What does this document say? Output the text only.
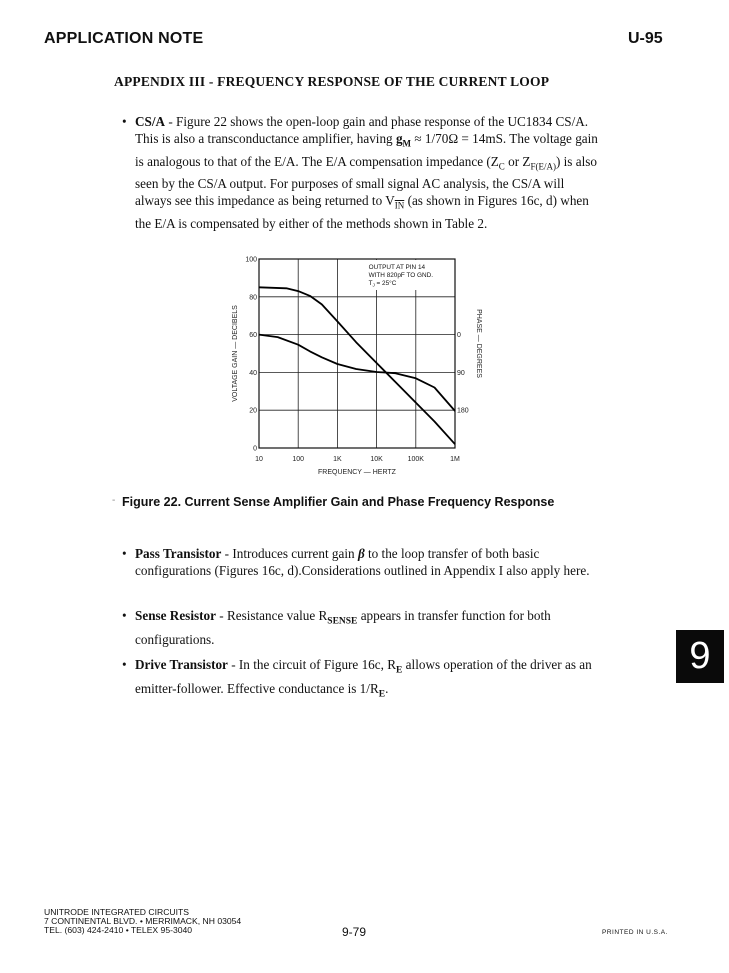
APPLICATION NOTE	U-95
APPENDIX III - FREQUENCY RESPONSE OF THE CURRENT LOOP
• CS/A - Figure 22 shows the open-loop gain and phase response of the UC1834 CS/A. This is also a transconductance amplifier, having $g_M \approx 1/70\Omega = 14mS$. The voltage gain is analogous to that of the E/A. The E/A compensation impedance ($Z_C$ or $Z_{F(E/A)}$) is also seen by the CS/A output. For purposes of small signal AC analysis, the CS/A will always see this impedance as being returned to $V_{\overline{IN}}$ (as shown in Figures 16c, d) when the E/A is compensated by either of the methods shown in Table 2.
10	100	1K	10K	100K	1M
0
20
40
60
80
100
0
90
180
FREQUENCY — HERTZ
VOLTAGE GAIN — DECIBELS	PHASE — DEGREES
OUTPUT AT PIN 14
WITH 820pF TO GND.
$T_J = 25^\circ C$
- Figure 22. Current Sense Amplifier Gain and Phase Frequency Response
• Pass Transistor - Introduces current gain β to the loop transfer of both basic configurations (Figures 16c, d).Considerations outlined in Appendix I also apply here.
• Sense Resistor - Resistance value $R_{SENSE}$ appears in transfer function for both configurations.
• Drive Transistor - In the circuit of Figure 16c, $R_E$ allows operation of the driver as an emitter-follower. Effective conductance is $1/R_E$.
9
UNITRODE INTEGRATED CIRCUITS
7 CONTINENTAL BLVD. • MERRIMACK, NH 03054
TEL. (603) 424-2410 • TELEX 95-3040	9-79	PRINTED IN U.S.A.
